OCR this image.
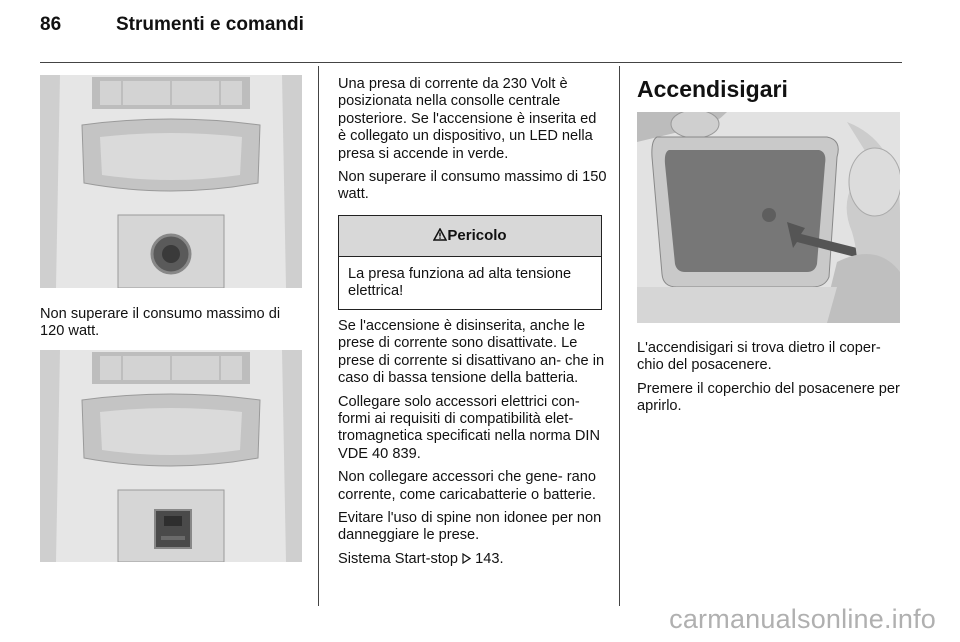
86	Strumenti e comandi

Non superare il consumo massimo di 120 watt.

Una presa di corrente da 230 Volt è posizionata nella consolle centrale posteriore. Se l'accensione è inserita ed è collegato un dispositivo, un LED nella presa si accende in verde.

Non superare il consumo massimo di 150 watt.

Pericolo
La presa funziona ad alta tensione elettrica!

Se l'accensione è disinserita, anche le prese di corrente sono disattivate. Le prese di corrente si disattivano an- che in caso di bassa tensione della batteria.

Collegare solo accessori elettrici con- formi ai requisiti di compatibilità elet- tromagnetica specificati nella norma DIN VDE 40 839.

Non collegare accessori che gene- rano corrente, come caricabatterie o batterie.

Evitare l'uso di spine non idonee per non danneggiare le prese.

Sistema Start-stop  143.

Accendisigari

L'accendisigari si trova dietro il coper- chio del posacenere.

Premere il coperchio del posacenere per aprirlo.

carmanualsonline.info
